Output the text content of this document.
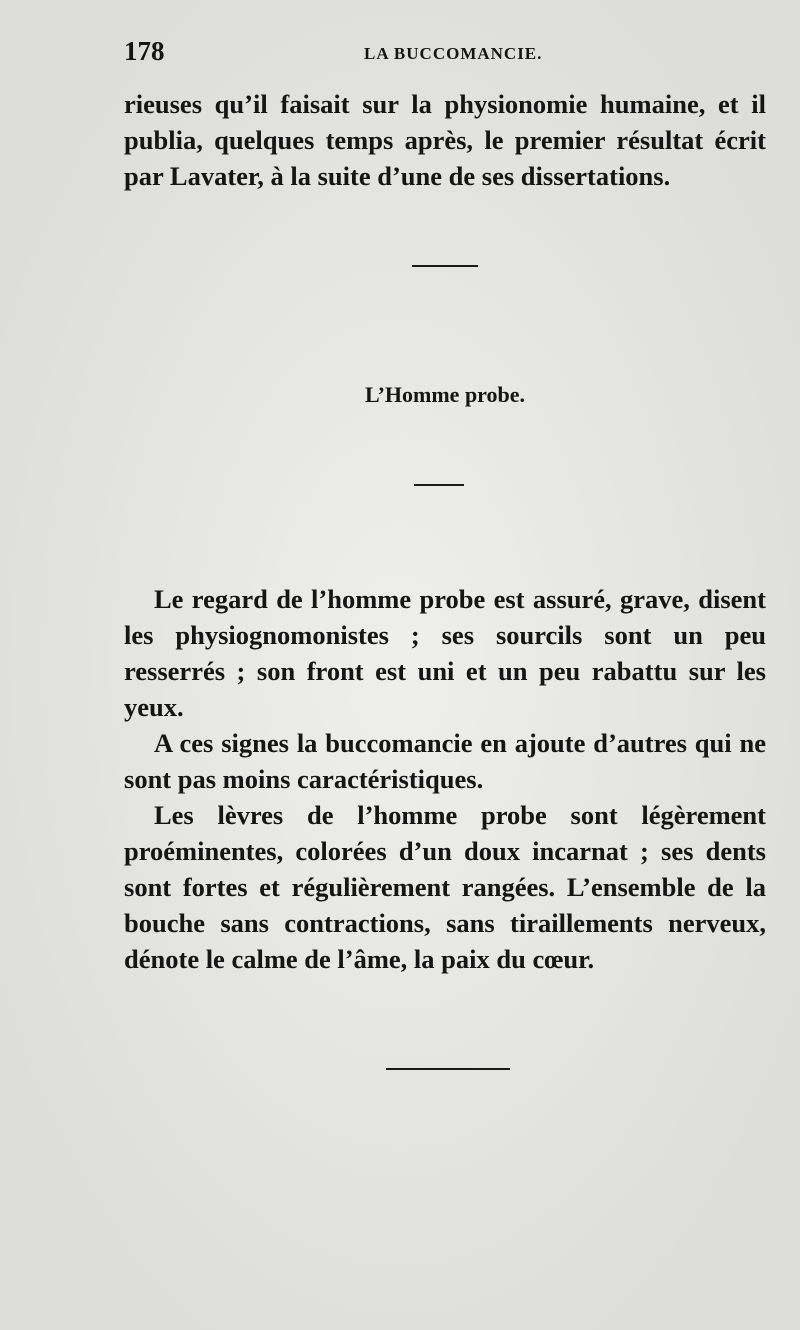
178	LA BUCCOMANCIE.

rieuses qu’il faisait sur la physionomie humaine, et il publia, quelques temps après, le premier résultat écrit par Lavater, à la suite d’une de ses dissertations.

L’Homme probe.

Le regard de l’homme probe est assuré, grave, disent les physiognomonistes ; ses sourcils sont un peu resserrés ; son front est uni et un peu rabattu sur les yeux.

A ces signes la buccomancie en ajoute d’autres qui ne sont pas moins caractéristiques.

Les lèvres de l’homme probe sont légèrement proéminentes, colorées d’un doux incarnat ; ses dents sont fortes et régulièrement rangées. L’ensemble de la bouche sans contractions, sans tiraillements nerveux, dénote le calme de l’âme, la paix du cœur.
